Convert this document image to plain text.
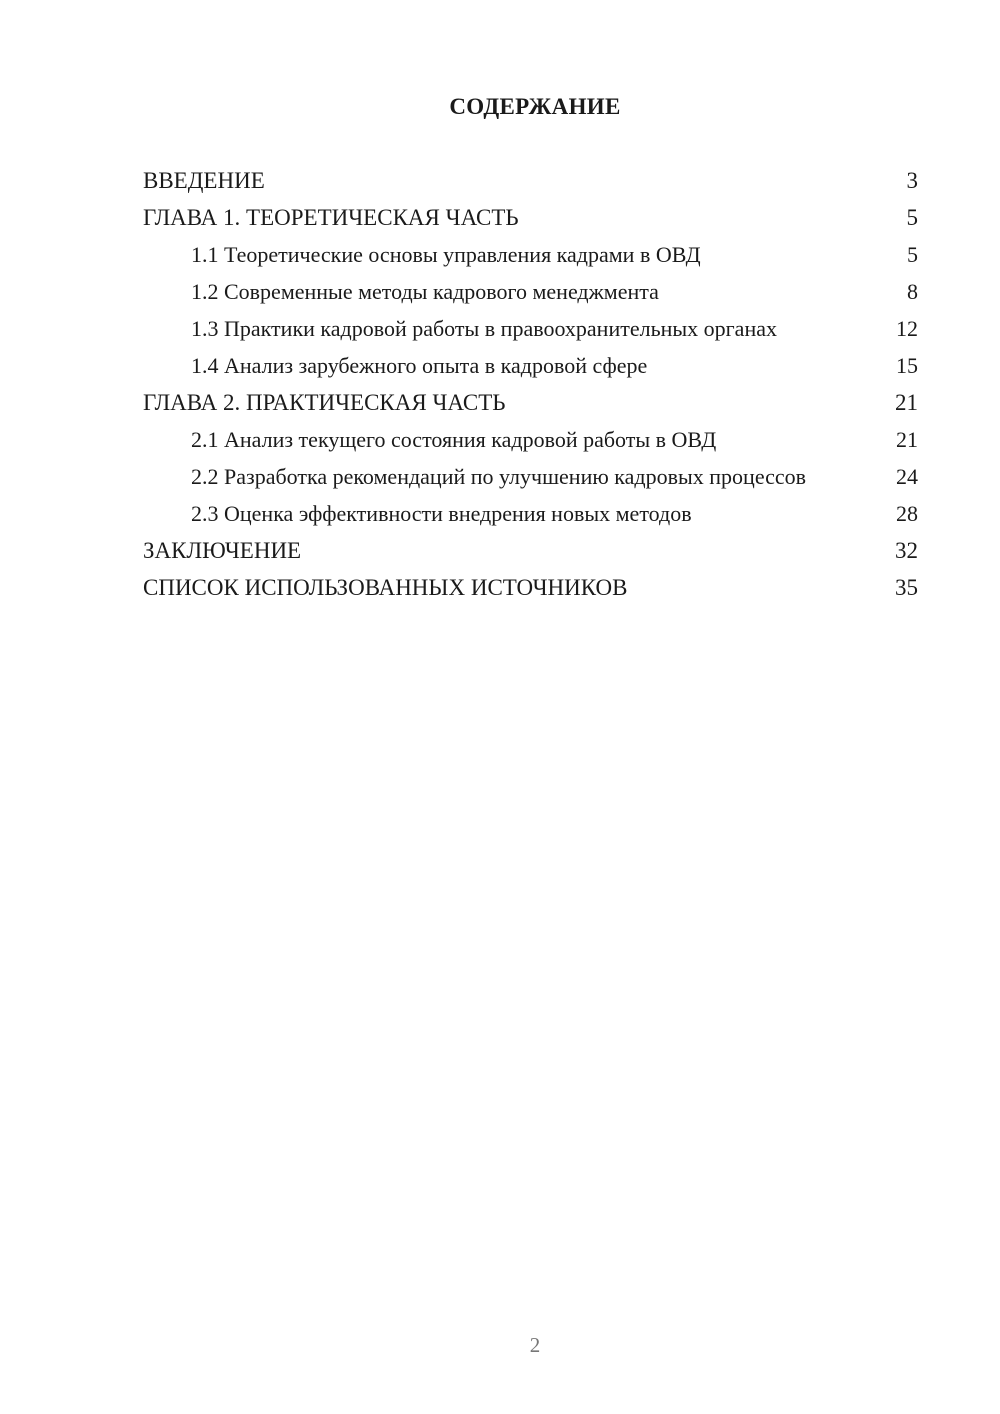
СОДЕРЖАНИЕ
ВВЕДЕНИЕ	3
ГЛАВА 1. ТЕОРЕТИЧЕСКАЯ ЧАСТЬ	5
1.1 Теоретические основы управления кадрами в ОВД	5
1.2 Современные методы кадрового менеджмента	8
1.3 Практики кадровой работы в правоохранительных органах	12
1.4 Анализ зарубежного опыта в кадровой сфере	15
ГЛАВА 2. ПРАКТИЧЕСКАЯ ЧАСТЬ	21
2.1 Анализ текущего состояния кадровой работы в ОВД	21
2.2 Разработка рекомендаций по улучшению кадровых процессов	24
2.3 Оценка эффективности внедрения новых методов	28
ЗАКЛЮЧЕНИЕ	32
СПИСОК ИСПОЛЬЗОВАННЫХ ИСТОЧНИКОВ	35
2
